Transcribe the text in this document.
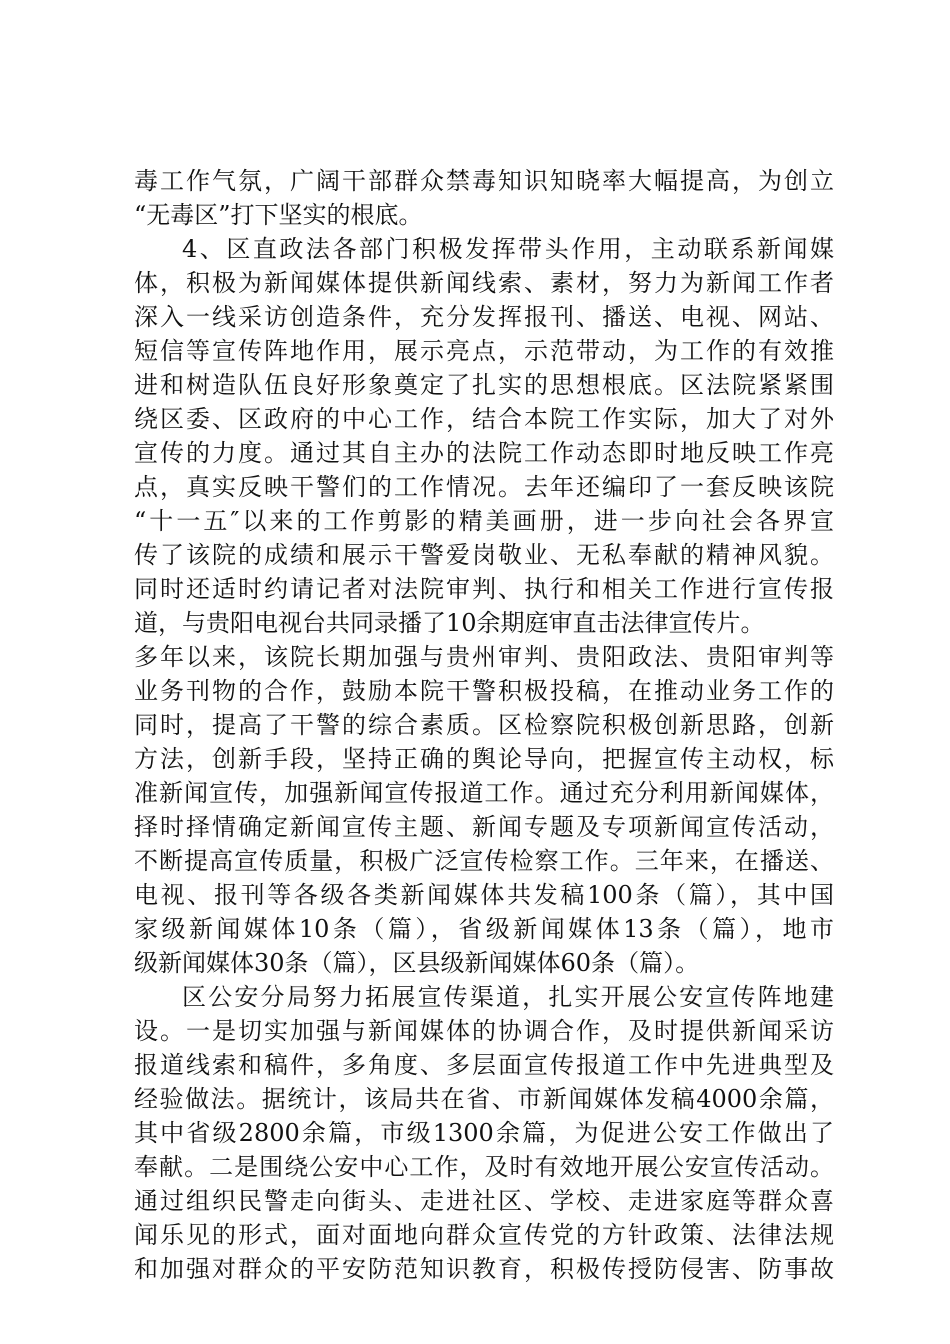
毒工作气氛，广阔干部群众禁毒知识知晓率大幅提高，为创立
“无毒区”打下坚实的根底。
4、区直政法各部门积极发挥带头作用，主动联系新闻媒
体，积极为新闻媒体提供新闻线索、素材，努力为新闻工作者
深入一线采访创造条件，充分发挥报刊、播送、电视、网站、
短信等宣传阵地作用，展示亮点，示范带动，为工作的有效推
进和树造队伍良好形象奠定了扎实的思想根底。区法院紧紧围
绕区委、区政府的中心工作，结合本院工作实际，加大了对外
宣传的力度。通过其自主办的法院工作动态即时地反映工作亮
点，真实反映干警们的工作情况。去年还编印了一套反映该院
“十一五″以来的工作剪影的精美画册，进一步向社会各界宣
传了该院的成绩和展示干警爱岗敬业、无私奉献的精神风貌。
同时还适时约请记者对法院审判、执行和相关工作进行宣传报
道，与贵阳电视台共同录播了10余期庭审直击法律宣传片。
多年以来，该院长期加强与贵州审判、贵阳政法、贵阳审判等
业务刊物的合作，鼓励本院干警积极投稿，在推动业务工作的
同时，提高了干警的综合素质。区检察院积极创新思路，创新
方法，创新手段，坚持正确的舆论导向，把握宣传主动权，标
准新闻宣传，加强新闻宣传报道工作。通过充分利用新闻媒体，
择时择情确定新闻宣传主题、新闻专题及专项新闻宣传活动，
不断提高宣传质量，积极广泛宣传检察工作。三年来，在播送、
电视、报刊等各级各类新闻媒体共发稿100条（篇），其中国
家级新闻媒体10条（篇），省级新闻媒体13条（篇），地市
级新闻媒体30条（篇），区县级新闻媒体60条（篇）。
区公安分局努力拓展宣传渠道，扎实开展公安宣传阵地建
设。一是切实加强与新闻媒体的协调合作，及时提供新闻采访
报道线索和稿件，多角度、多层面宣传报道工作中先进典型及
经验做法。据统计，该局共在省、市新闻媒体发稿4000余篇，
其中省级2800余篇，市级1300余篇，为促进公安工作做出了
奉献。二是围绕公安中心工作，及时有效地开展公安宣传活动。
通过组织民警走向街头、走进社区、学校、走进家庭等群众喜
闻乐见的形式，面对面地向群众宣传党的方针政策、法律法规
和加强对群众的平安防范知识教育，积极传授防侵害、防事故
